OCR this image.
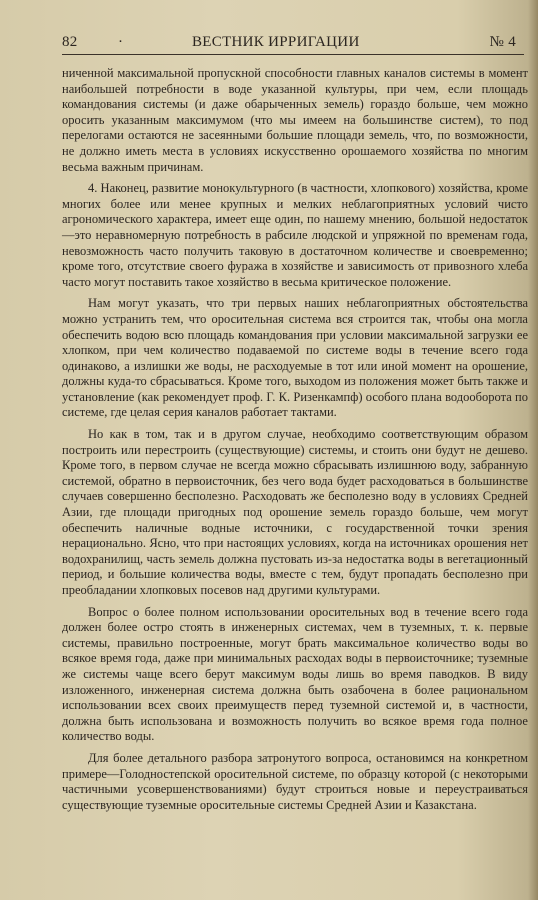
82	·	ВЕСТНИК ИРРИГАЦИИ	№ 4

ниченной максимальной пропускной способности главных каналов системы в момент наибольшей потребности в воде указанной культуры, при чем, если площадь командования системы (и даже обарыченных земель) гораздо больше, чем можно оросить указанным максимумом (что мы имеем на большинстве систем), то под перелогами остаются не засеянными большие площади земель, что, по возможности, не должно иметь места в условиях искусственно орошаемого хозяйства по многим весьма важным причинам.

4. Наконец, развитие монокультурного (в частности, хлопкового) хозяйства, кроме многих более или менее крупных и мелких неблагоприятных условий чисто агрономического характера, имеет еще один, по нашему мнению, большой недостаток—это неравномерную потребность в рабсиле людской и упряжной по временам года, невозможность часто получить таковую в достаточном количестве и своевременно; кроме того, отсутствие своего фуража в хозяйстве и зависимость от привозного хлеба часто могут поставить такое хозяйство в весьма критическое положение.

Нам могут указать, что три первых наших неблагоприятных обстоятельства можно устранить тем, что оросительная система вся строится так, чтобы она могла обеспечить водою всю площадь командования при условии максимальной загрузки ее хлопком, при чем количество подаваемой по системе воды в течение всего года одинаково, а излишки же воды, не расходуемые в тот или иной момент на орошение, должны куда-то сбрасываться. Кроме того, выходом из положения может быть также и установление (как рекомендует проф. Г. К. Ризенкампф) особого плана водооборота по системе, где целая серия каналов работает тактами.

Но как в том, так и в другом случае, необходимо соответствующим образом построить или перестроить (существующие) системы, и стоить они будут не дешево. Кроме того, в первом случае не всегда можно сбрасывать излишнюю воду, забранную системой, обратно в первоисточник, без чего вода будет расходоваться в большинстве случаев совершенно бесполезно. Расходовать же бесполезно воду в условиях Средней Азии, где площади пригодных под орошение земель гораздо больше, чем могут обеспечить наличные водные источники, с государственной точки зрения нерационально. Ясно, что при настоящих условиях, когда на источниках орошения нет водохранилищ, часть земель должна пустовать из-за недостатка воды в вегетационный период, и большие количества воды, вместе с тем, будут пропадать бесполезно при преобладании хлопковых посевов над другими культурами.

Вопрос о более полном использовании оросительных вод в течение всего года должен более остро стоять в инженерных системах, чем в туземных, т. к. первые системы, правильно построенные, могут брать максимальное количество воды во всякое время года, даже при минимальных расходах воды в первоисточнике; туземные же системы чаще всего берут максимум воды лишь во время паводков. В виду изложенного, инженерная система должна быть озабочена в более рациональном использовании всех своих преимуществ перед туземной системой и, в частности, должна быть использована и возможность получить во всякое время года полное количество воды.

Для более детального разбора затронутого вопроса, остановимся на конкретном примере—Голодностепской оросительной системе, по образцу которой (с некоторыми частичными усовершенствованиями) будут строиться новые и переустраиваться существующие туземные оросительные системы Средней Азии и Казакстана.
